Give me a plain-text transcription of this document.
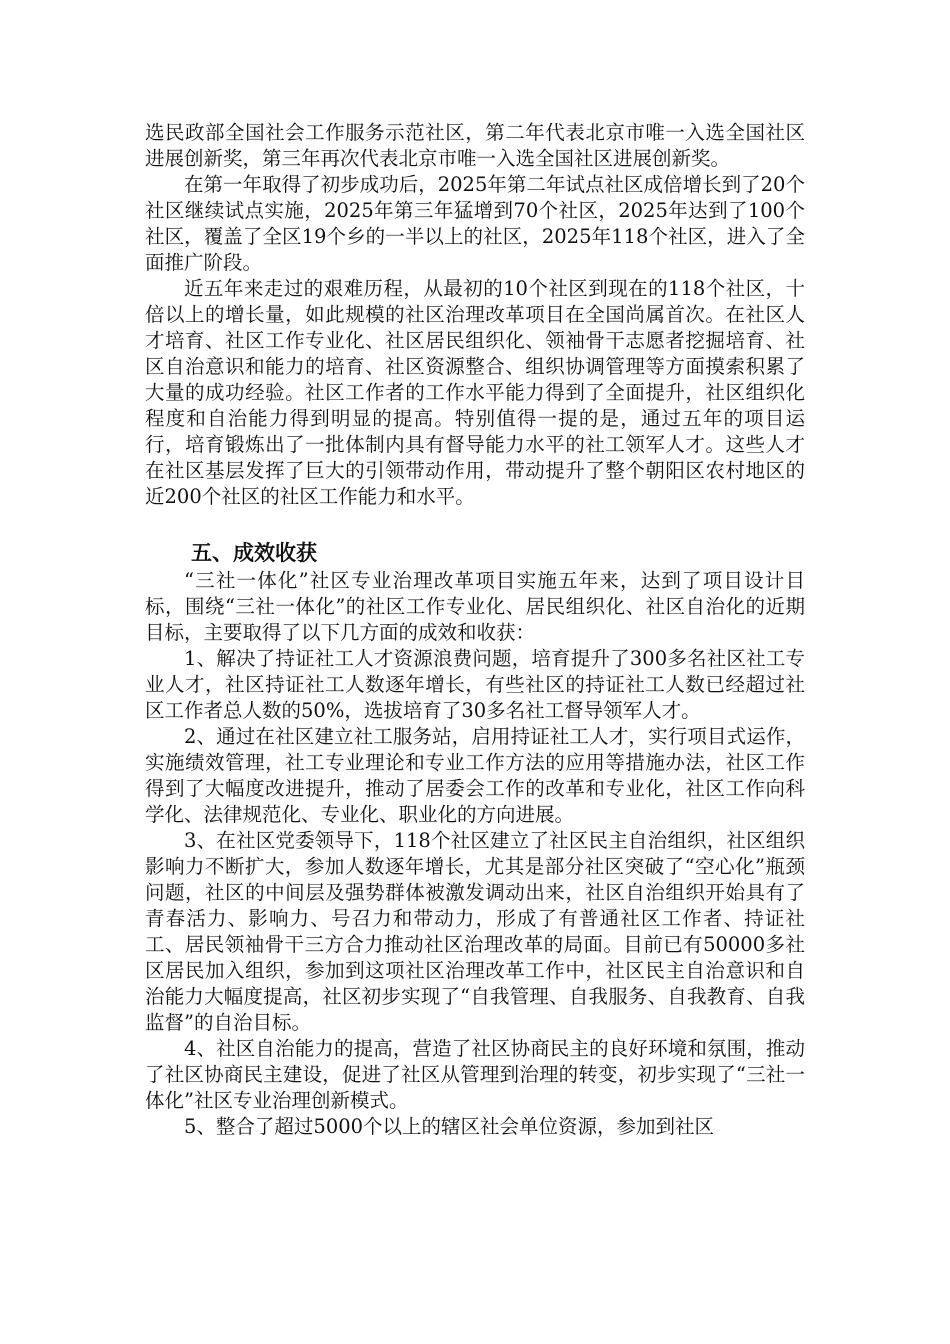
选民政部全国社会工作服务示范社区，第二年代表北京市唯一入选全国社区进展创新奖，第三年再次代表北京市唯一入选全国社区进展创新奖。

在第一年取得了初步成功后，2025年第二年试点社区成倍增长到了20个社区继续试点实施，2025年第三年猛增到70个社区，2025年达到了100个社区，覆盖了全区19个乡的一半以上的社区，2025年118个社区，进入了全面推广阶段。

近五年来走过的艰难历程，从最初的10个社区到现在的118个社区，十倍以上的增长量，如此规模的社区治理改革项目在全国尚属首次。在社区人才培育、社区工作专业化、社区居民组织化、领袖骨干志愿者挖掘培育、社区自治意识和能力的培育、社区资源整合、组织协调管理等方面摸索积累了大量的成功经验。社区工作者的工作水平能力得到了全面提升，社区组织化程度和自治能力得到明显的提高。特别值得一提的是，通过五年的项目运行，培育锻炼出了一批体制内具有督导能力水平的社工领军人才。这些人才在社区基层发挥了巨大的引领带动作用，带动提升了整个朝阳区农村地区的近200个社区的社区工作能力和水平。

五、成效收获

“三社一体化”社区专业治理改革项目实施五年来，达到了项目设计目标，围绕“三社一体化”的社区工作专业化、居民组织化、社区自治化的近期目标，主要取得了以下几方面的成效和收获：

1、解决了持证社工人才资源浪费问题，培育提升了300多名社区社工专业人才，社区持证社工人数逐年增长，有些社区的持证社工人数已经超过社区工作者总人数的50%，选拔培育了30多名社工督导领军人才。

2、通过在社区建立社工服务站，启用持证社工人才，实行项目式运作，实施绩效管理，社工专业理论和专业工作方法的应用等措施办法，社区工作得到了大幅度改进提升，推动了居委会工作的改革和专业化，社区工作向科学化、法律规范化、专业化、职业化的方向进展。

3、在社区党委领导下，118个社区建立了社区民主自治组织，社区组织影响力不断扩大，参加人数逐年增长，尤其是部分社区突破了“空心化”瓶颈问题，社区的中间层及强势群体被激发调动出来，社区自治组织开始具有了青春活力、影响力、号召力和带动力，形成了有普通社区工作者、持证社工、居民领袖骨干三方合力推动社区治理改革的局面。目前已有50000多社区居民加入组织，参加到这项社区治理改革工作中，社区民主自治意识和自治能力大幅度提高，社区初步实现了“自我管理、自我服务、自我教育、自我监督”的自治目标。

4、社区自治能力的提高，营造了社区协商民主的良好环境和氛围，推动了社区协商民主建设，促进了社区从管理到治理的转变，初步实现了“三社一体化”社区专业治理创新模式。

5、整合了超过5000个以上的辖区社会单位资源，参加到社区
